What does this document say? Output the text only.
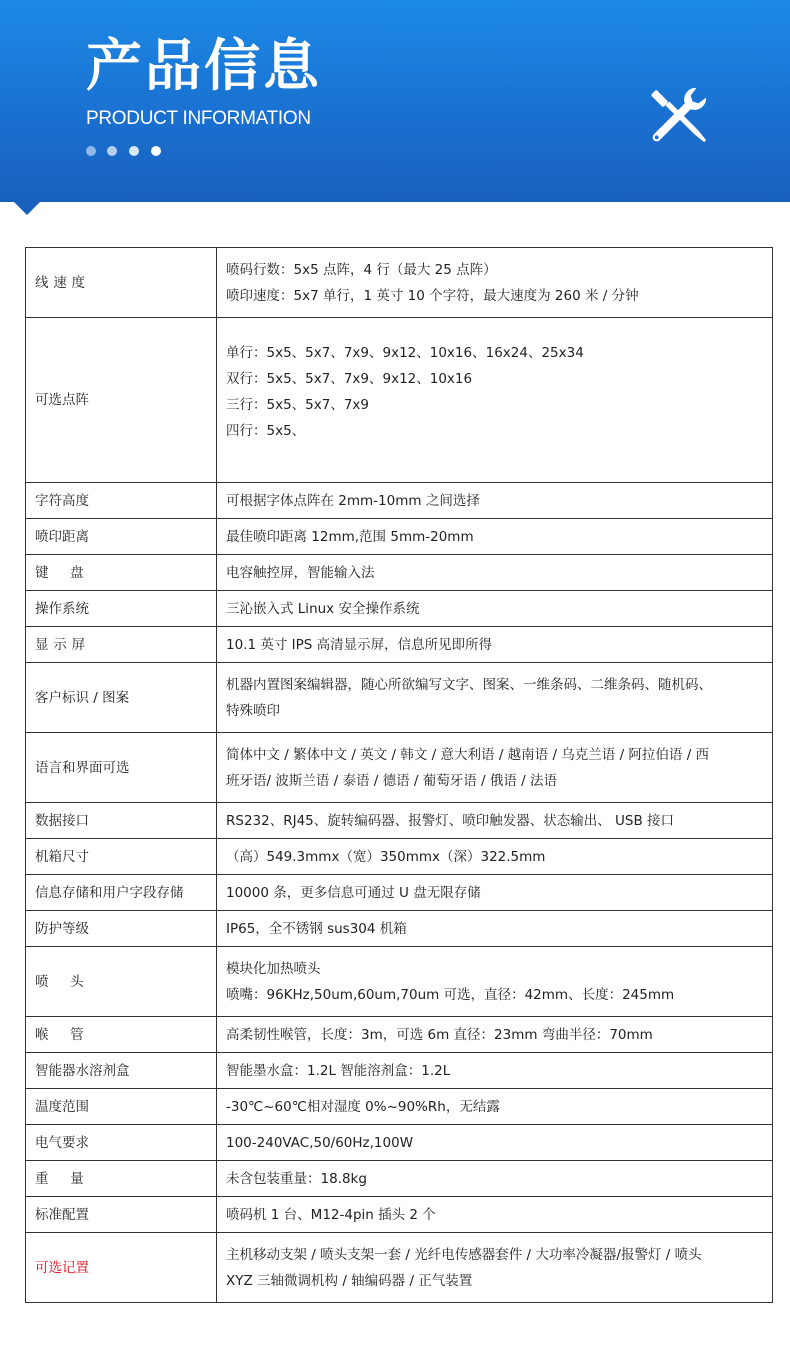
产品信息
PRODUCT INFORMATION
线速度	喷码行数：5x5 点阵，4 行（最大 25 点阵）
喷印速度：5x7 单行，1 英寸 10 个字符，最大速度为 260 米 / 分钟

可选点阵	单行：5x5、5x7、7x9、9x12、10x16、16x24、25x34
双行：5x5、5x7、7x9、9x12、10x16
三行：5x5、5x7、7x9
四行：5x5、

字符高度	可根据字体点阵在 2mm-10mm 之间选择

喷印距离	最佳喷印距离 12mm,范围 5mm-20mm

键盘	电容触控屏，智能输入法

操作系统	三沁嵌入式 Linux 安全操作系统

显示屏	10.1 英寸 IPS 高清显示屏，信息所见即所得

客户标识 / 图案	机器内置图案编辑器，随心所欲编写文字、图案、一维条码、二维条码、随机码、
特殊喷印

语言和界面可选	简体中文 / 繁体中文 / 英文 / 韩文 / 意大利语 / 越南语 / 乌克兰语 / 阿拉伯语 / 西
班牙语/ 波斯兰语 / 泰语 / 德语 / 葡萄牙语 / 俄语 / 法语

数据接口	RS232、RJ45、旋转编码器、报警灯、喷印触发器、状态输出、 USB 接口

机箱尺寸	（高）549.3mmx（宽）350mmx（深）322.5mm

信息存储和用户字段存储	10000 条，更多信息可通过 U 盘无限存储

防护等级	IP65，全不锈钢 sus304 机箱

喷头	模块化加热喷头
喷嘴：96KHz,50um,60um,70um 可选，直径：42mm、长度：245mm

喉管	高柔韧性喉管，长度：3m，可选 6m 直径：23mm 弯曲半径：70mm

智能器水溶剂盒	智能墨水盒：1.2L 智能溶剂盒：1.2L

温度范围	-30℃~60℃相对湿度 0%~90%Rh，无结露

电气要求	100-240VAC,50/60Hz,100W

重量	未含包装重量：18.8kg

标准配置	喷码机 1 台、M12-4pin 插头 2 个

可选记置	主机移动支架 / 喷头支架一套 / 光纤电传感器套件 / 大功率冷凝器/报警灯 / 喷头
XYZ 三轴微调机构 / 轴编码器 / 正气装置
